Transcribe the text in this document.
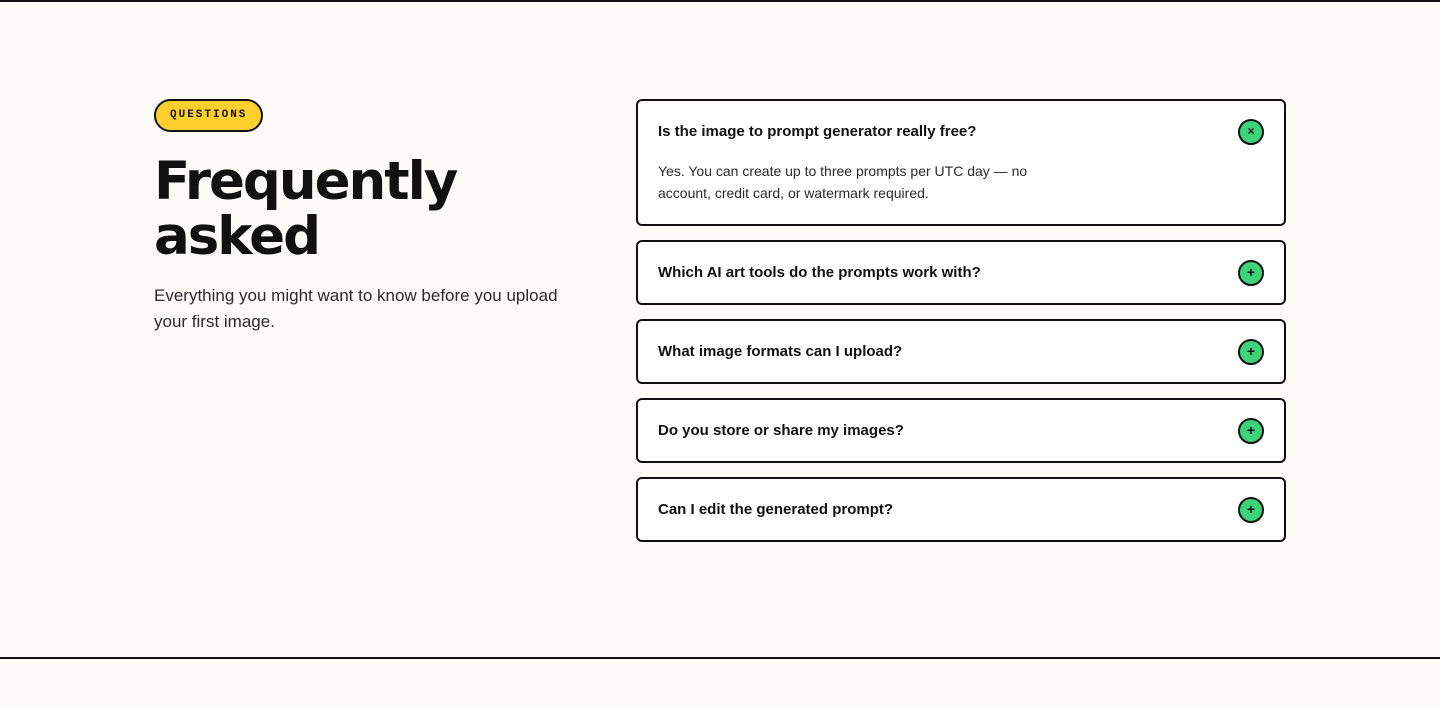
QUESTIONS
Frequently asked

Everything you might want to know before you upload your first image.

Is the image to prompt generator really free?	×
Yes. You can create up to three prompts per UTC day — no account, credit card, or watermark required.
Which AI art tools do the prompts work with?	+
What image formats can I upload?	+
Do you store or share my images?	+
Can I edit the generated prompt?	+
